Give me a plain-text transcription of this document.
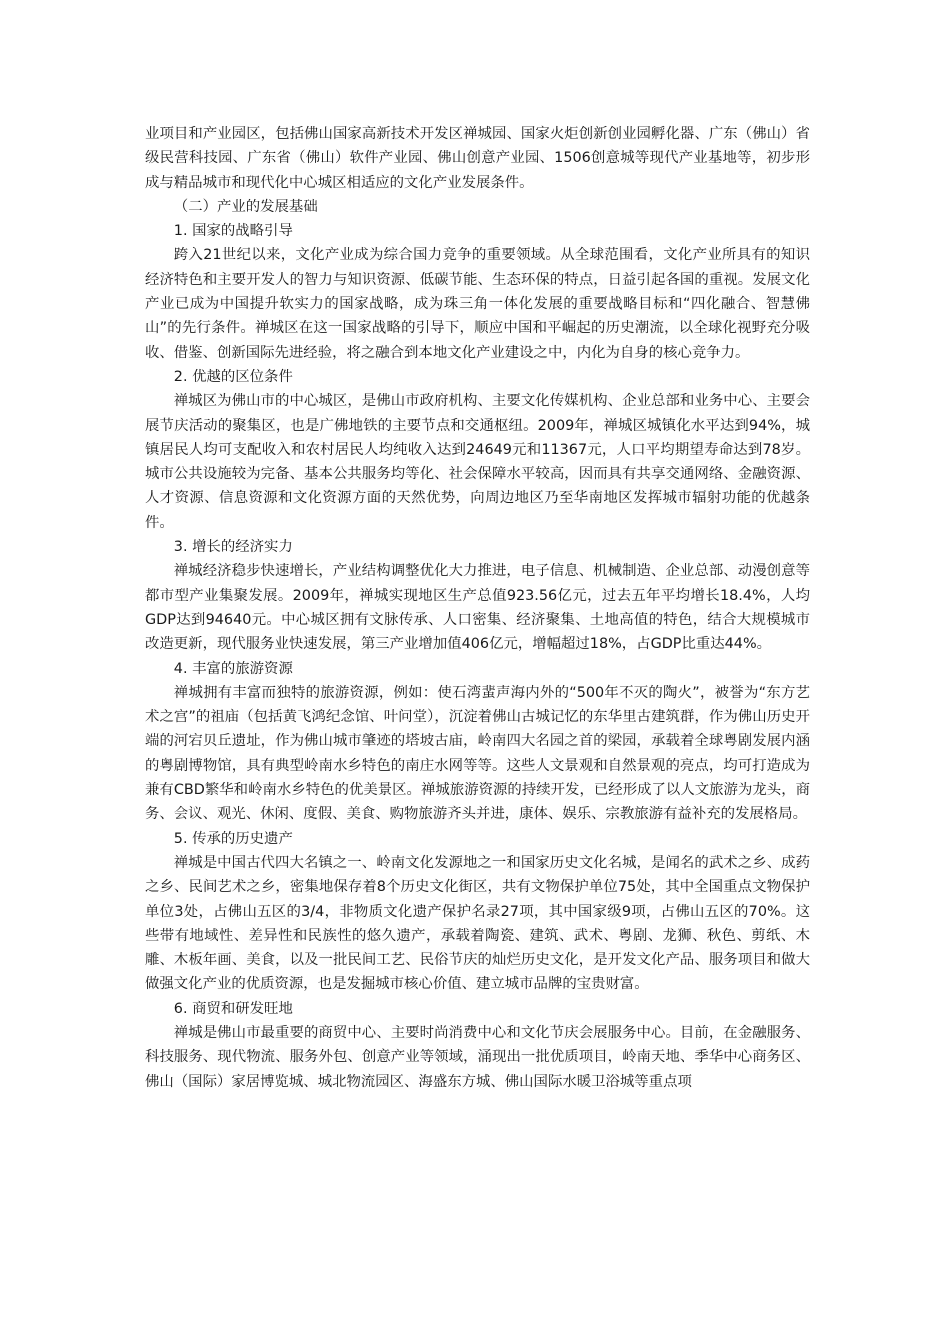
业项目和产业园区，包括佛山国家高新技术开发区禅城园、国家火炬创新创业园孵化器、广东（佛山）省级民营科技园、广东省（佛山）软件产业园、佛山创意产业园、1506创意城等现代产业基地等，初步形成与精品城市和现代化中心城区相适应的文化产业发展条件。

（二）产业的发展基础

1. 国家的战略引导

跨入21世纪以来，文化产业成为综合国力竞争的重要领域。从全球范围看，文化产业所具有的知识经济特色和主要开发人的智力与知识资源、低碳节能、生态环保的特点，日益引起各国的重视。发展文化产业已成为中国提升软实力的国家战略，成为珠三角一体化发展的重要战略目标和“四化融合、智慧佛山”的先行条件。禅城区在这一国家战略的引导下，顺应中国和平崛起的历史潮流，以全球化视野充分吸收、借鉴、创新国际先进经验，将之融合到本地文化产业建设之中，内化为自身的核心竞争力。

2. 优越的区位条件

禅城区为佛山市的中心城区，是佛山市政府机构、主要文化传媒机构、企业总部和业务中心、主要会展节庆活动的聚集区，也是广佛地铁的主要节点和交通枢纽。2009年，禅城区城镇化水平达到94%，城镇居民人均可支配收入和农村居民人均纯收入达到24649元和11367元，人口平均期望寿命达到78岁。城市公共设施较为完备、基本公共服务均等化、社会保障水平较高，因而具有共享交通网络、金融资源、人才资源、信息资源和文化资源方面的天然优势，向周边地区乃至华南地区发挥城市辐射功能的优越条件。

3. 增长的经济实力

禅城经济稳步快速增长，产业结构调整优化大力推进，电子信息、机械制造、企业总部、动漫创意等都市型产业集聚发展。2009年，禅城实现地区生产总值923.56亿元，过去五年平均增长18.4%，人均GDP达到94640元。中心城区拥有文脉传承、人口密集、经济聚集、土地高值的特色，结合大规模城市改造更新，现代服务业快速发展，第三产业增加值406亿元，增幅超过18%，占GDP比重达44%。

4. 丰富的旅游资源

禅城拥有丰富而独特的旅游资源，例如：使石湾蜚声海内外的“500年不灭的陶火”，被誉为“东方艺术之宫”的祖庙（包括黄飞鸿纪念馆、叶问堂），沉淀着佛山古城记忆的东华里古建筑群，作为佛山历史开端的河宕贝丘遗址，作为佛山城市肇迹的塔坡古庙，岭南四大名园之首的梁园，承载着全球粤剧发展内涵的粤剧博物馆，具有典型岭南水乡特色的南庄水网等等。这些人文景观和自然景观的亮点，均可打造成为兼有CBD繁华和岭南水乡特色的优美景区。禅城旅游资源的持续开发，已经形成了以人文旅游为龙头，商务、会议、观光、休闲、度假、美食、购物旅游齐头并进，康体、娱乐、宗教旅游有益补充的发展格局。

5. 传承的历史遗产

禅城是中国古代四大名镇之一、岭南文化发源地之一和国家历史文化名城，是闻名的武术之乡、成药之乡、民间艺术之乡，密集地保存着8个历史文化街区，共有文物保护单位75处，其中全国重点文物保护单位3处，占佛山五区的3/4，非物质文化遗产保护名录27项，其中国家级9项，占佛山五区的70%。这些带有地域性、差异性和民族性的悠久遗产，承载着陶瓷、建筑、武术、粤剧、龙狮、秋色、剪纸、木雕、木板年画、美食，以及一批民间工艺、民俗节庆的灿烂历史文化，是开发文化产品、服务项目和做大做强文化产业的优质资源，也是发掘城市核心价值、建立城市品牌的宝贵财富。

6. 商贸和研发旺地

禅城是佛山市最重要的商贸中心、主要时尚消费中心和文化节庆会展服务中心。目前，在金融服务、科技服务、现代物流、服务外包、创意产业等领域，涌现出一批优质项目，岭南天地、季华中心商务区、佛山（国际）家居博览城、城北物流园区、海盛东方城、佛山国际水暖卫浴城等重点项
